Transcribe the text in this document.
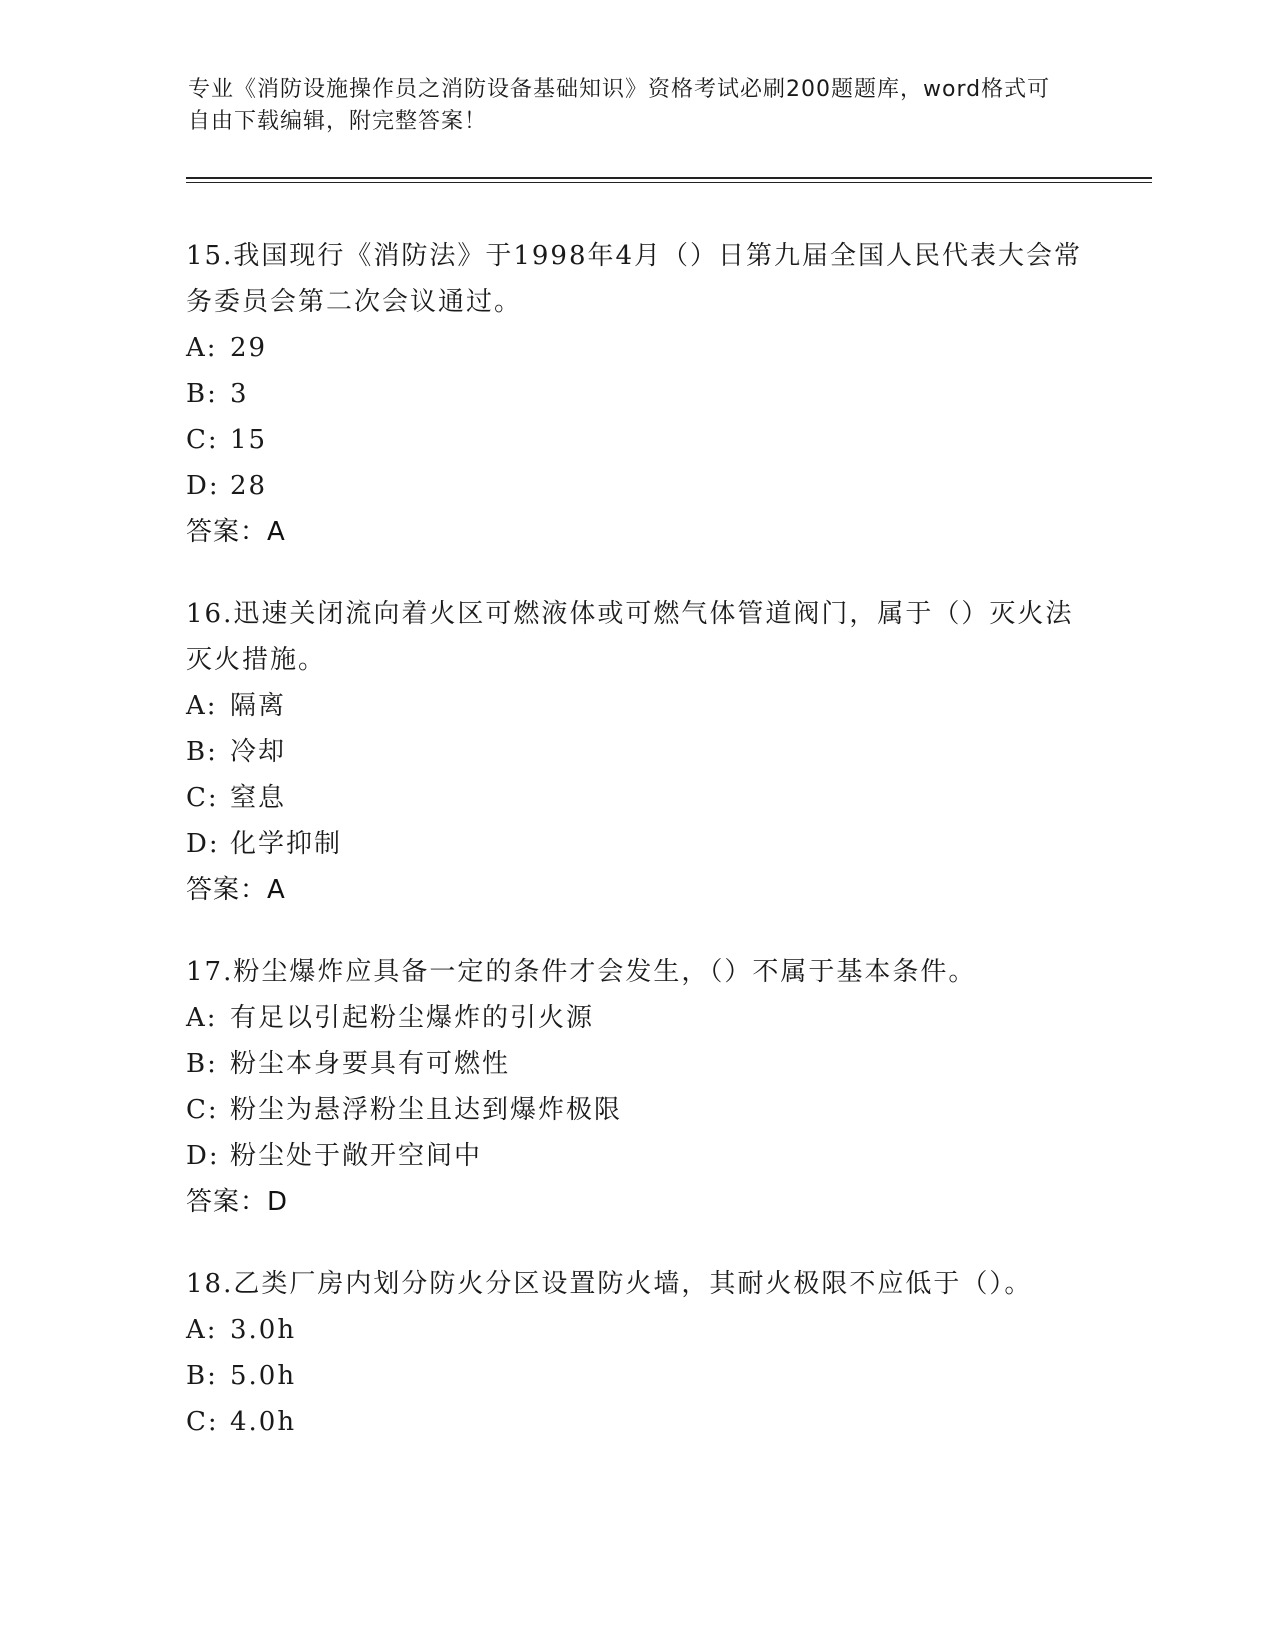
专业《消防设施操作员之消防设备基础知识》资格考试必刷200题题库，word格式可自由下载编辑，附完整答案！
15.我国现行《消防法》于1998年4月（）日第九届全国人民代表大会常务委员会第二次会议通过。
A: 29
B: 3
C: 15
D: 28
答案：A
16.迅速关闭流向着火区可燃液体或可燃气体管道阀门，属于（）灭火法灭火措施。
A: 隔离
B: 冷却
C: 窒息
D: 化学抑制
答案：A
17.粉尘爆炸应具备一定的条件才会发生，（）不属于基本条件。
A: 有足以引起粉尘爆炸的引火源
B: 粉尘本身要具有可燃性
C: 粉尘为悬浮粉尘且达到爆炸极限
D: 粉尘处于敞开空间中
答案：D
18.乙类厂房内划分防火分区设置防火墙，其耐火极限不应低于（）。
A: 3.0h
B: 5.0h
C: 4.0h
